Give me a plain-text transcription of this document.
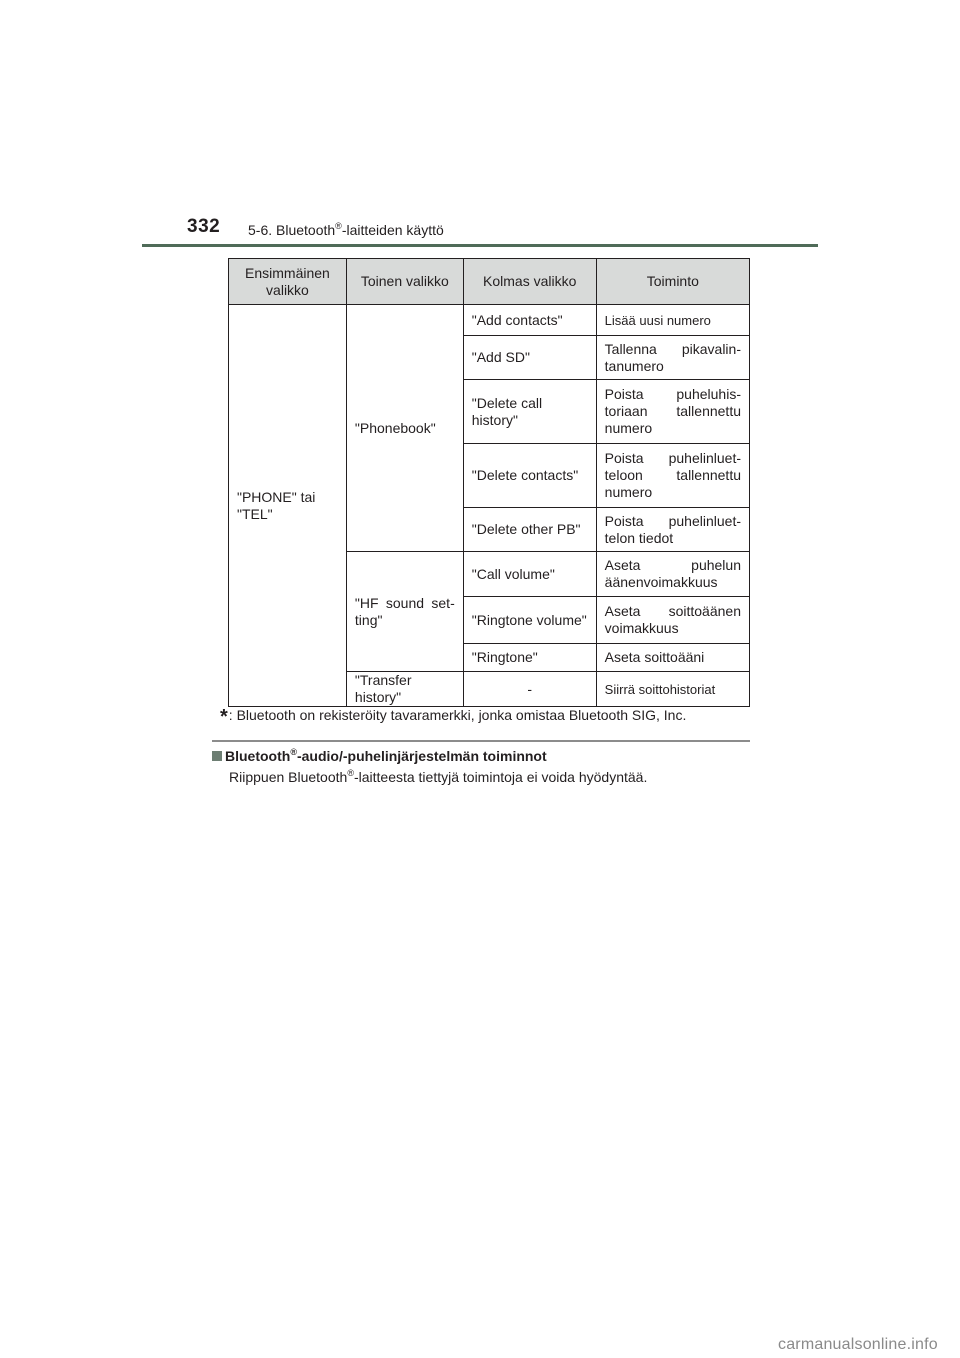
332 5-6. Bluetooth®-laitteiden käyttö
Ensimmäinen valikko	Toinen valikko	Kolmas valikko	Toiminto
"PHONE" tai "TEL"	"Phonebook"	"Add contacts"	Lisää uusi numero
		"Add SD"	Tallenna pikavalin-tanumero
		"Delete call history"	Poista puheluhis-toriaan tallennettu numero
		"Delete contacts"	Poista puhelinluet-teloon tallennettu numero
		"Delete other PB"	Poista puhelinluet-telon tiedot
	"HF sound set-ting"	"Call volume"	Aseta puhelun äänenvoimakkuus
		"Ringtone volume"	Aseta soittoäänen voimakkuus
		"Ringtone"	Aseta soittoääni
	"Transfer history"	-	Siirrä soittohistoriat
*: Bluetooth on rekisteröity tavaramerkki, jonka omistaa Bluetooth SIG, Inc.
Bluetooth®-audio/-puhelinjärjestelmän toiminnot
Riippuen Bluetooth®-laitteesta tiettyjä toimintoja ei voida hyödyntää.
carmanualsonline.info
